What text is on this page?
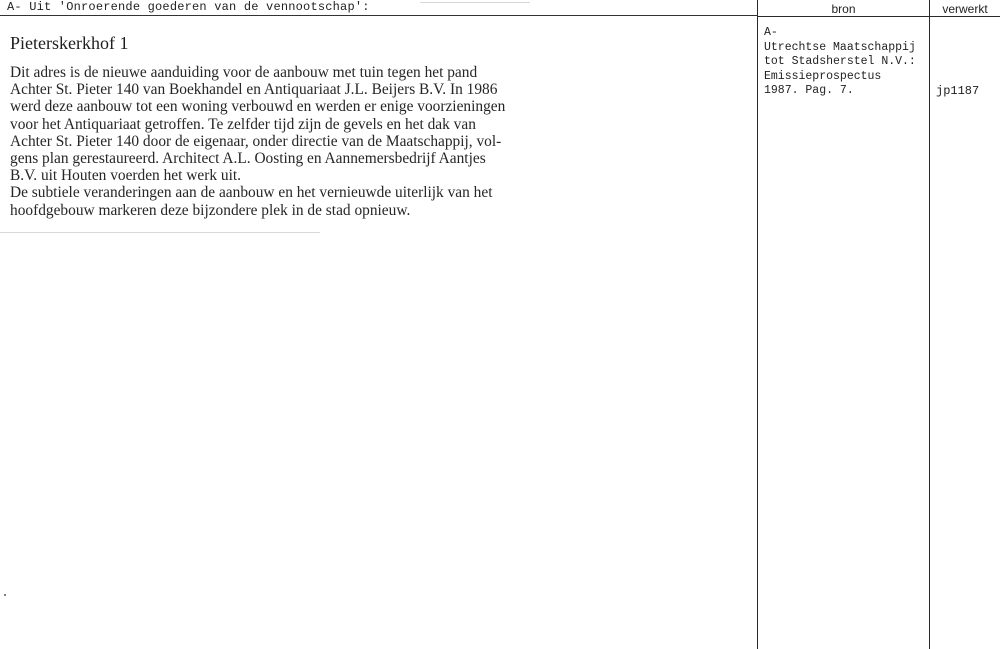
A- Uit 'Onroerende goederen van de vennootschap':
Pieterskerkhof 1
Dit adres is de nieuwe aanduiding voor de aanbouw met tuin tegen het pand
Achter St. Pieter 140 van Boekhandel en Antiquariaat J.L. Beijers B.V. In 1986
werd deze aanbouw tot een woning verbouwd en werden er enige voorzieningen
voor het Antiquariaat getroffen. Te zelfder tijd zijn de gevels en het dak van
Achter St. Pieter 140 door de eigenaar, onder directie van de Maatschappij, vol-
gens plan gerestaureerd. Architect A.L. Oosting en Aannemersbedrijf Aantjes
B.V. uit Houten voerden het werk uit.
De subtiele veranderingen aan de aanbouw en het vernieuwde uiterlijk van het
hoofdgebouw markeren deze bijzondere plek in de stad opnieuw.
bron	verwerkt
A-
Utrechtse Maatschappij
tot Stadsherstel N.V.:
Emissieprospectus
1987. Pag. 7.	jp1187
